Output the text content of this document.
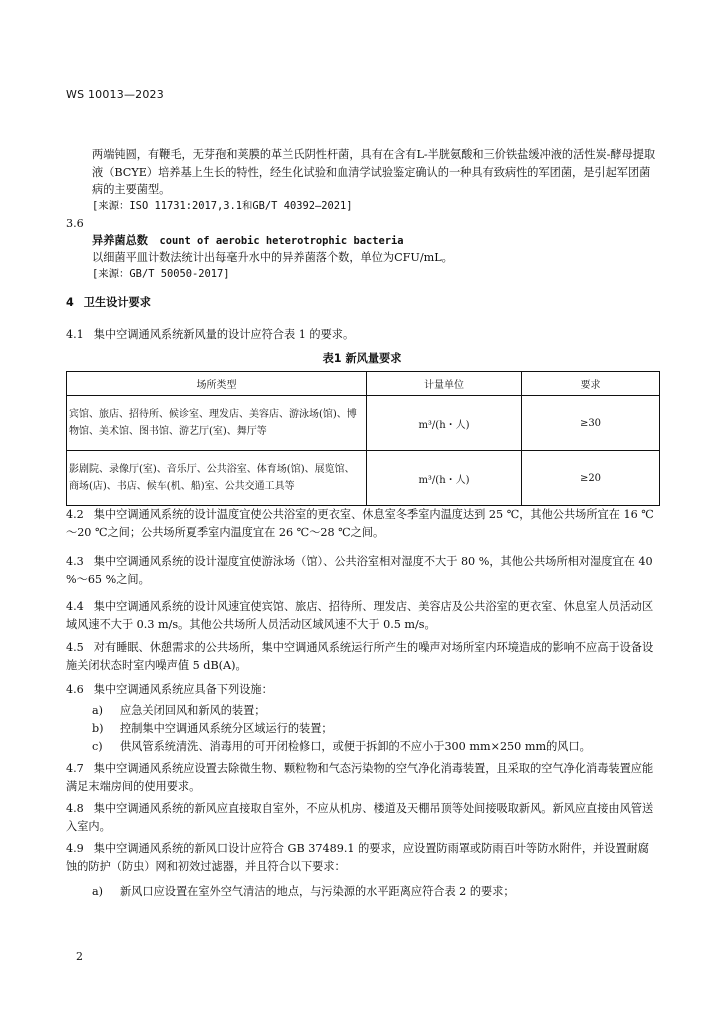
WS 10013—2023
两端钝圆，有鞭毛，无芽孢和荚膜的革兰氏阴性杆菌，具有在含有L-半胱氨酸和三价铁盐缓冲液的活性炭-酵母提取液（BCYE）培养基上生长的特性，经生化试验和血清学试验鉴定确认的一种具有致病性的军团菌，是引起军团菌病的主要菌型。
[来源：ISO 11731:2017,3.1和GB/T 40392—2021]
3.6
异养菌总数 count of aerobic heterotrophic bacteria
以细菌平皿计数法统计出每毫升水中的异养菌落个数，单位为CFU/mL。
[来源：GB/T 50050-2017]
4 卫生设计要求
4.1 集中空调通风系统新风量的设计应符合表 1 的要求。
表1 新风量要求
场所类型	计量单位	要求
宾馆、旅店、招待所、候诊室、理发店、美容店、游泳场(馆)、博物馆、美术馆、图书馆、游艺厅(室)、舞厅等	m³/(h・人)	≥30
影剧院、录像厅(室)、音乐厅、公共浴室、体育场(馆)、展览馆、商场(店)、书店、候车(机、船)室、公共交通工具等	m³/(h・人)	≥20
4.2 集中空调通风系统的设计温度宜使公共浴室的更衣室、休息室冬季室内温度达到 25 ℃，其他公共场所宜在 16 ℃～20 ℃之间；公共场所夏季室内温度宜在 26 ℃～28 ℃之间。
4.3 集中空调通风系统的设计湿度宜使游泳场（馆）、公共浴室相对湿度不大于 80 %，其他公共场所相对湿度宜在 40 %～65 %之间。
4.4 集中空调通风系统的设计风速宜使宾馆、旅店、招待所、理发店、美容店及公共浴室的更衣室、休息室人员活动区域风速不大于 0.3 m/s。其他公共场所人员活动区域风速不大于 0.5 m/s。
4.5 对有睡眠、休憩需求的公共场所，集中空调通风系统运行所产生的噪声对场所室内环境造成的影响不应高于设备设施关闭状态时室内噪声值 5 dB(A)。
4.6 集中空调通风系统应具备下列设施：
a) 应急关闭回风和新风的装置；
b) 控制集中空调通风系统分区域运行的装置；
c) 供风管系统清洗、消毒用的可开闭检修口，或便于拆卸的不应小于300 mm×250 mm的风口。
4.7 集中空调通风系统应设置去除微生物、颗粒物和气态污染物的空气净化消毒装置，且采取的空气净化消毒装置应能满足末端房间的使用要求。
4.8 集中空调通风系统的新风应直接取自室外，不应从机房、楼道及天棚吊顶等处间接吸取新风。新风应直接由风管送入室内。
4.9 集中空调通风系统的新风口设计应符合 GB 37489.1 的要求，应设置防雨罩或防雨百叶等防水附件，并设置耐腐蚀的防护（防虫）网和初效过滤器，并且符合以下要求：
a) 新风口应设置在室外空气清洁的地点，与污染源的水平距离应符合表 2 的要求；
2
